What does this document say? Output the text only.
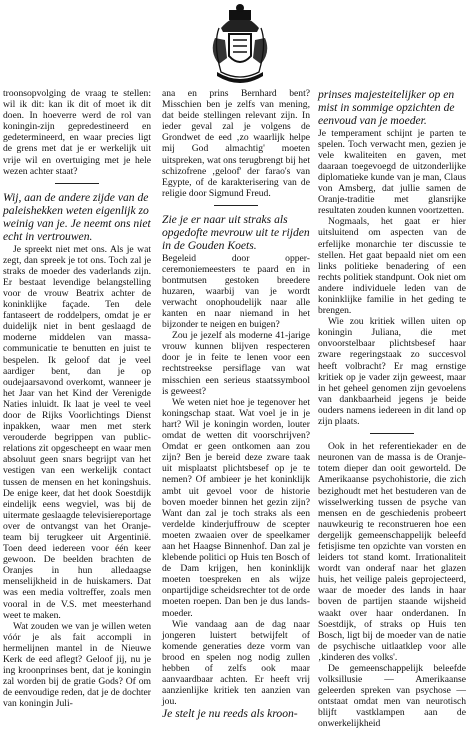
troonsopvolging de vraag te stellen: wil ik dit: kan ik dit of moet ik dit doen. In hoeverre werd de rol van koningin-zijn gepredestineerd en gedetermineerd, en waar precies ligt de grens met dat je er werkelijk uit vrije wil en overtuiging met je hele wezen achter staat?

Wij, aan de andere zijde van de paleishekken weten eigenlijk zo weinig van je. Je neemt ons niet echt in vertrouwen.

Je spreekt niet met ons. Als je wat zegt, dan spreek je tot ons. Toch zal je straks de moeder des vaderlands zijn. Er bestaat levendige belangstelling voor de vrouw Beatrix achter de koninklijke façade. Ten dele fantaseert de roddelpers, omdat je er duidelijk niet in bent geslaagd de moderne middelen van massa-communicatie te benutten en juist te bespelen. Ik geloof dat je veel aardiger bent, dan je op oudejaarsavond overkomt, wanneer je het Jaar van het Kind der Verenigde Naties inluidt. Ik laat je veel te veel door de Rijks Voorlichtings Dienst inpakken, waar men met sterk verouderde begrippen van public-relations zit opgescheept en waar men absoluut geen snars begrijpt van het vestigen van een werkelijk contact tussen de mensen en het koningshuis. De enige keer, dat het dook Soestdijk eindelijk eens wegviel, was bij de uitermate geslaagde televisiereportage over de ontvangst van het Oranje-team bij terugkeer uit Argentinië. Toen deed iedereen voor één keer gewoon. De beelden brachten de Oranjes in hun alledaagse menselijkheid in de huiskamers. Dat was een media voltreffer, zoals men vooral in de V.S. met meesterhand weet te maken.

Wat zouden we van je willen weten vóór je als fait accompli in hermelijnen mantel in de Nieuwe Kerk de eed aflegt? Geloof jij, nu je ing kroonprinses bent, dat je koningin zal worden bij de gratie Gods? Of om de eenvoudige reden, dat je de dochter van koningin Juli-

ana en prins Bernhard bent? Misschien ben je zelfs van mening, dat beide stellingen relevant zijn. In ieder geval zal je volgens de Grondwet de eed ‚zo waarlijk helpe mij God almachtig' moeten uitspreken, wat ons terugbrengt bij het schizofrene ‚geloof' der farao's van Egypte, of de karakterisering van de religie door Sigmund Freud.

Zie je er naar uit straks als opgedofte mevrouw uit te rijden in de Gouden Koets.

Begeleid door opper-ceremoniemeesters te paard en in bontmutsen gestoken breedere huzaren, waarbij van je wordt verwacht onophoudelijk naar alle kanten en naar niemand in het bijzonder te neigen en buigen?

Zou je jezelf als moderne 41-jarige vrouw kunnen blijven respecteren door je in feite te lenen voor een rechtstreekse persiflage van wat misschien een serieus staatssymbool is geweest?

We weten niet hoe je tegenover het koningschap staat. Wat voel je in je hart? Wil je koningin worden, louter omdat de wetten dit voorschrijven? Omdat er geen ontkomen aan zou zijn? Ben je bereid deze zware taak uit misplaatst plichtsbesef op je te nemen? Of ambieer je het koninklijk ambt uit gevoel voor de historie boven moeder binnen het gezin zijn? Want dan zal je toch straks als een verdelde kinderjuffrouw de scepter moeten zwaaien over de speelkamer aan het Haagse Binnenhof. Dan zal je klebende politici op Huis ten Bosch of de Dam krijgen, hen koninklijk moeten toespreken en als wijze onpartijdige scheidsrechter tot de orde moeten roepen. Dan ben je dus lands-moeder.

Wie vandaag aan de dag naar jongeren luistert betwijfelt of komende generaties deze vorm van brood en spelen nog nodig zullen hebben of zelfs ook maar aanvaardbaar achten. Er heeft vrij aanzienlijke kritiek ten aanzien van jou.

Je stelt je nu reeds als kroon-

prinses majesteitelijker op en mist in sommige opzichten de eenvoud van je moeder.

Je temperament schijnt je parten te spelen. Toch verwacht men, gezien je vele kwaliteiten en gaven, met daaraan toegevoegd de uitzonderlijke diplomatieke kunde van je man, Claus von Amsberg, dat jullie samen de Oranje-traditie met glansrijke resultaten zouden kunnen voortzetten.

Nogmaals, het gaat er hier uitsluitend om aspecten van de erfelijke monarchie ter discussie te stellen. Het gaat bepaald niet om een links politieke benadering of een rechts politiek standpunt. Ook niet om andere individuele leden van de koninklijke familie in het geding te brengen.

Wie zou kritiek willen uiten op koningin Juliana, die met onvoorstelbaar plichtsbesef haar zware regeringstaak zo succesvol heeft volbracht? Er mag ernstige kritiek op je vader zijn geweest, maar in het geheel genomen zijn gevoelens van dankbaarheid jegens je beide ouders namens iedereen in dit land op zijn plaats.

Ook in het referentiekader en de neuronen van de massa is de Oranje-totem dieper dan ooit geworteld. De Amerikaanse psychohistorie, die zich bezighoudt met het bestuderen van de wisselwerking tussen de psyche van mensen en de geschiedenis probeert nauwkeurig te reconstrueren hoe een dergelijk gemeenschappelijk beleefd fetisjisme ten opzichte van vorsten en leiders tot stand komt. Irrationaliteit wordt van onderaf naar het glazen huis, het veilige paleis geprojecteerd, waar de moeder des lands in haar boven de partijen staande wijsheid waakt over haar onderdanen. In Soestdijk, of straks op Huis ten Bosch, ligt bij de moeder van de natie de psychische uitlaatklep voor alle ‚kinderen des volks'.

De gemeenschappelijk beleefde volksillusie — Amerikaanse geleerden spreken van psychose — ontstaat omdat men van neurotisch blijft vastklampen aan de onwerkelijkheid
